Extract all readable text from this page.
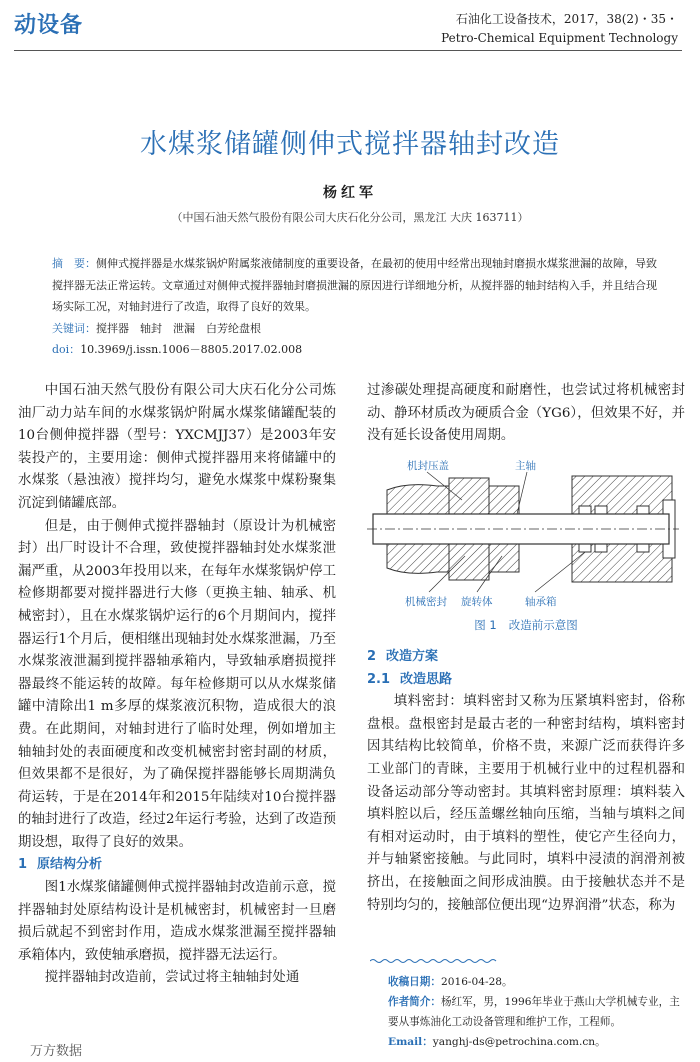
动设备	石油化工设备技术，2017，38(2)・35・
Petro-Chemical Equipment Technology
水煤浆储罐侧伸式搅拌器轴封改造
杨红军
（中国石油天然气股份有限公司大庆石化分公司，黑龙江 大庆 163711）
摘　要：侧伸式搅拌器是水煤浆锅炉附属浆液储制度的重要设备，在最初的使用中经常出现轴封磨损水煤浆泄漏的故障，导致搅拌器无法正常运转。文章通过对侧伸式搅拌器轴封磨损泄漏的原因进行详细地分析，从搅拌器的轴封结构入手，并且结合现场实际工况，对轴封进行了改造，取得了良好的效果。
关键词：搅拌器　轴封　泄漏　白芳纶盘根
doi：10.3969/j.issn.1006－8805.2017.02.008

中国石油天然气股份有限公司大庆石化分公司炼油厂动力站车间的水煤浆锅炉附属水煤浆储罐配装的10台侧伸搅拌器（型号：YXCMJJ37）是2003年安装投产的，主要用途：侧伸式搅拌器用来将储罐中的水煤浆（悬浊液）搅拌均匀，避免水煤浆中煤粉聚集沉淀到储罐底部。

但是，由于侧伸式搅拌器轴封（原设计为机械密封）出厂时设计不合理，致使搅拌器轴封处水煤浆泄漏严重，从2003年投用以来，在每年水煤浆锅炉停工检修期都要对搅拌器进行大修（更换主轴、轴承、机械密封），且在水煤浆锅炉运行的6个月期间内，搅拌器运行1个月后，便相继出现轴封处水煤浆泄漏，乃至水煤浆液泄漏到搅拌器轴承箱内，导致轴承磨损搅拌器最终不能运转的故障。每年检修期可以从水煤浆储罐中清除出1 m多厚的煤浆液沉积物，造成很大的浪费。在此期间，对轴封进行了临时处理，例如增加主轴轴封处的表面硬度和改变机械密封密封副的材质，但效果都不是很好，为了确保搅拌器能够长周期满负荷运转，于是在2014年和2015年陆续对10台搅拌器的轴封进行了改造，经过2年运行考验，达到了改造预期设想，取得了良好的效果。

1 原结构分析

图1水煤浆储罐侧伸式搅拌器轴封改造前示意，搅拌器轴封处原结构设计是机械密封，机械密封一旦磨损后就起不到密封作用，造成水煤浆泄漏至搅拌器轴承箱体内，致使轴承磨损，搅拌器无法运行。

搅拌器轴封改造前，尝试过将主轴轴封处通

过渗碳处理提高硬度和耐磨性，也尝试过将机械密封动、静环材质改为硬质合金（YG6），但效果不好，并没有延长设备使用周期。

机封压盖	主轴
机械密封 旋转体	轴承箱
图 1 改造前示意图
2 改造方案
2.1 改造思路

填料密封：填料密封又称为压紧填料密封，俗称盘根。盘根密封是最古老的一种密封结构，填料密封因其结构比较简单，价格不贵，来源广泛而获得许多工业部门的青睐，主要用于机械行业中的过程机器和设备运动部分等动密封。其填料密封原理：填料装入填料腔以后，经压盖螺丝轴向压缩，当轴与填料之间有相对运动时，由于填料的塑性，使它产生径向力，并与轴紧密接触。与此同时，填料中浸渍的润滑剂被挤出，在接触面之间形成油膜。由于接触状态并不是特别均匀的，接触部位便出现“边界润滑”状态，称为

收稿日期：2016-04-28。
作者简介：杨红军，男，1996年毕业于燕山大学机械专业，主要从事炼油化工动设备管理和维护工作，工程师。
Email：yanghj-ds@petrochina.com.cn。
万方数据
